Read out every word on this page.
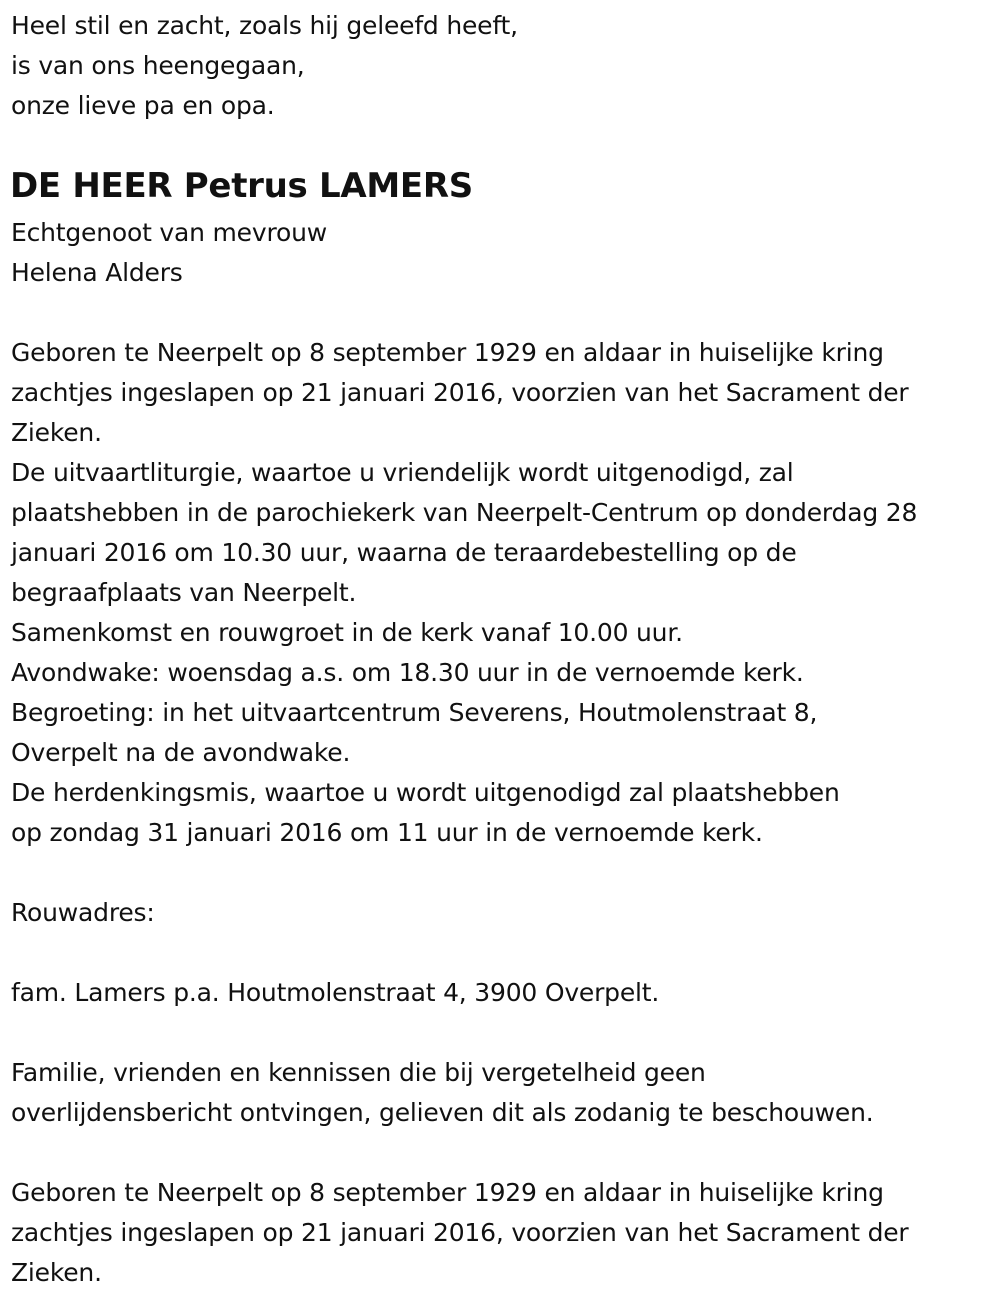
Heel stil en zacht, zoals hij geleefd heeft,
is van ons heengegaan,
onze lieve pa en opa.
DE HEER Petrus LAMERS
Echtgenoot van mevrouw
Helena Alders
Geboren te Neerpelt op 8 september 1929 en aldaar in huiselijke kring
zachtjes ingeslapen op 21 januari 2016, voorzien van het Sacrament der
Zieken.
De uitvaartliturgie, waartoe u vriendelijk wordt uitgenodigd, zal
plaatshebben in de parochiekerk van Neerpelt-Centrum op donderdag 28
januari 2016 om 10.30 uur, waarna de teraardebestelling op de
begraafplaats van Neerpelt.
Samenkomst en rouwgroet in de kerk vanaf 10.00 uur.
Avondwake: woensdag a.s. om 18.30 uur in de vernoemde kerk.
Begroeting: in het uitvaartcentrum Severens, Houtmolenstraat 8,
Overpelt na de avondwake.
De herdenkingsmis, waartoe u wordt uitgenodigd zal plaatshebben
op zondag 31 januari 2016 om 11 uur in de vernoemde kerk.
Rouwadres:
fam. Lamers p.a. Houtmolenstraat 4, 3900 Overpelt.
Familie, vrienden en kennissen die bij vergetelheid geen
overlijdensbericht ontvingen, gelieven dit als zodanig te beschouwen.
Geboren te Neerpelt op 8 september 1929 en aldaar in huiselijke kring
zachtjes ingeslapen op 21 januari 2016, voorzien van het Sacrament der
Zieken.
